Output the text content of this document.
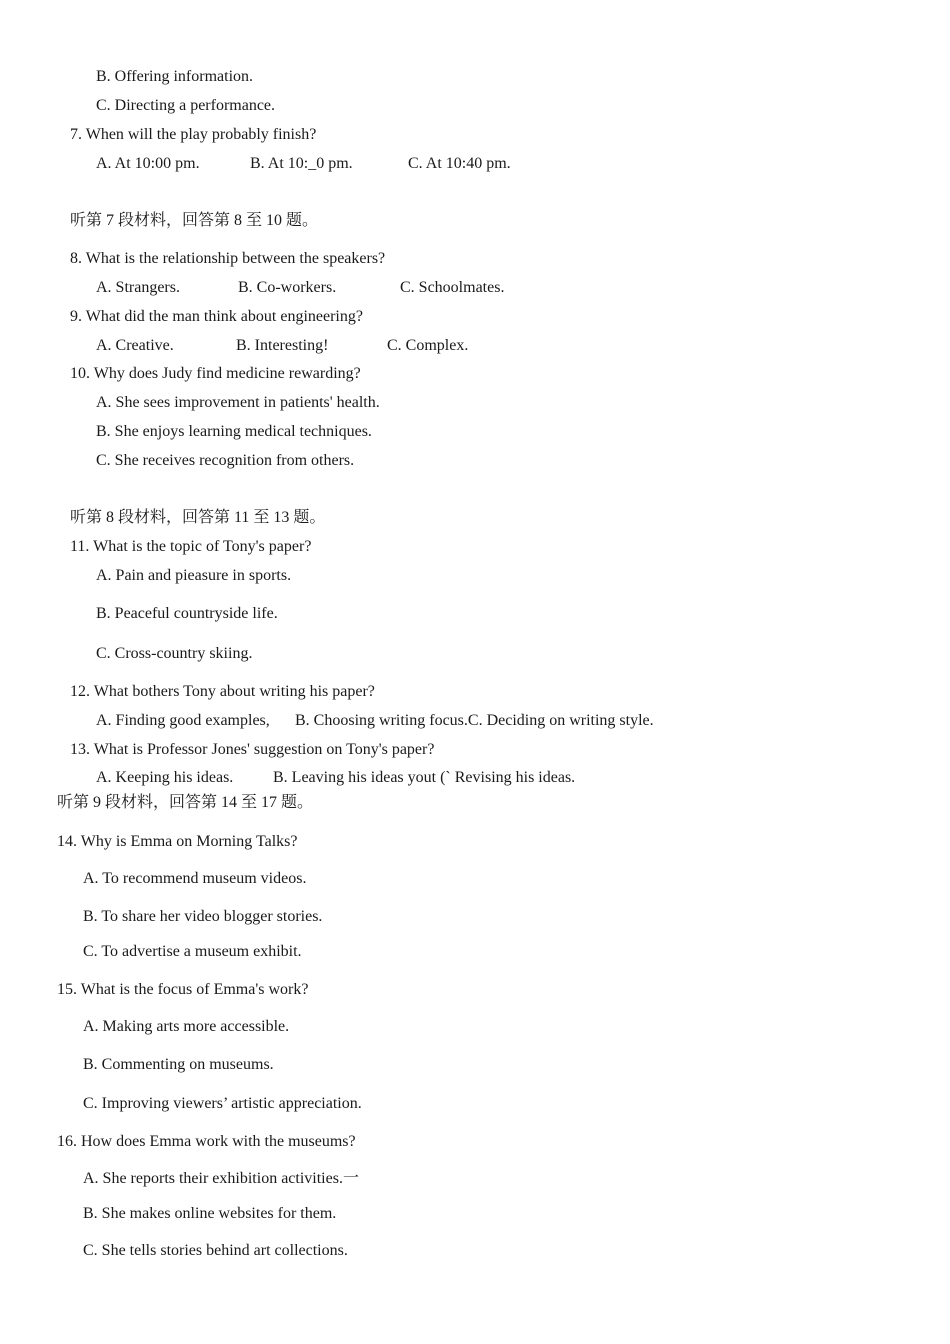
B. Offering information.
C. Directing a performance.
7. When will the play probably finish?
A. At 10:00 pm.	B. At 10:_0 pm.	C. At 10:40 pm.
听第 7 段材料，回答第 8 至 10 题。
8. What is the relationship between the speakers?
A. Strangers.	B. Co-workers.	C. Schoolmates.
9. What did the man think about engineering?
A. Creative.	B. Interesting!	C. Complex.
10. Why does Judy find medicine rewarding?
A. She sees improvement in patients' health.
B. She enjoys learning medical techniques.
C. She receives recognition from others.
听第 8 段材料，回答第 11 至 13 题。
11. What is the topic of Tony's paper?
A. Pain and pieasure in sports.
B. Peaceful countryside life.
C. Cross-country skiing.
12. What bothers Tony about writing his paper?
A. Finding good examples, B. Choosing writing focus.C. Deciding on writing style.
13. What is Professor Jones' suggestion on Tony's paper?
A. Keeping his ideas. B. Leaving his ideas yout (` Revising his ideas.
听第 9 段材料，回答第 14 至 17 题。
14. Why is Emma on Morning Talks?
A. To recommend museum videos.
B. To share her video blogger stories.
C. To advertise a museum exhibit.
15. What is the focus of Emma's work?
A. Making arts more accessible.
B. Commenting on museums.
C. Improving viewers’ artistic appreciation.
16. How does Emma work with the museums?
A. She reports their exhibition activities.一
B. She makes online websites for them.
C. She tells stories behind art collections.
